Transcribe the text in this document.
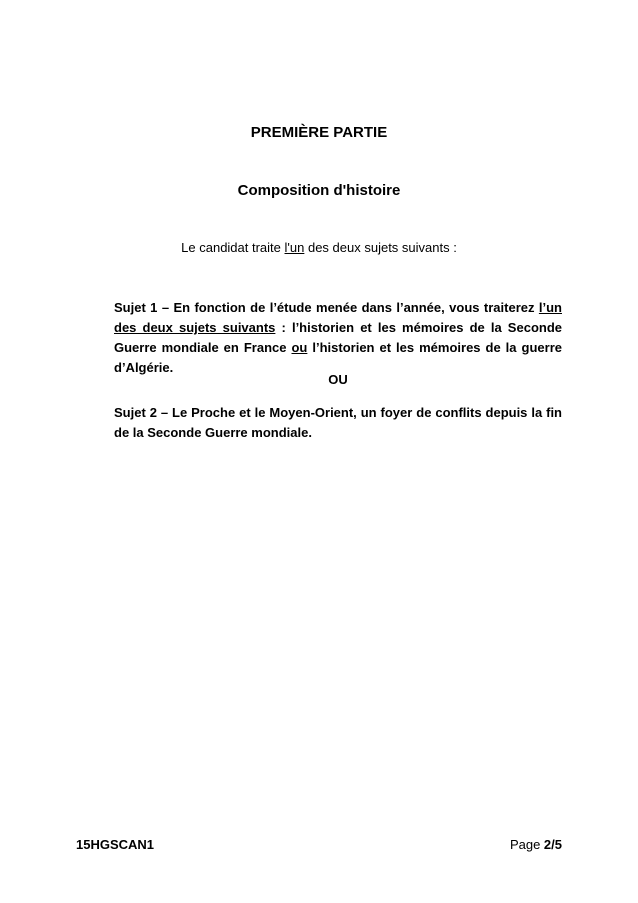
PREMIÈRE PARTIE
Composition d'histoire
Le candidat traite l'un des deux sujets suivants :
Sujet 1 – En fonction de l’étude menée dans l’année, vous traiterez l’un des deux sujets suivants : l’historien et les mémoires de la Seconde Guerre mondiale en France ou l’historien et les mémoires de la guerre d’Algérie.
OU
Sujet 2 – Le Proche et le Moyen-Orient, un foyer de conflits depuis la fin de la Seconde Guerre mondiale.
15HGSCAN1	Page 2/5
